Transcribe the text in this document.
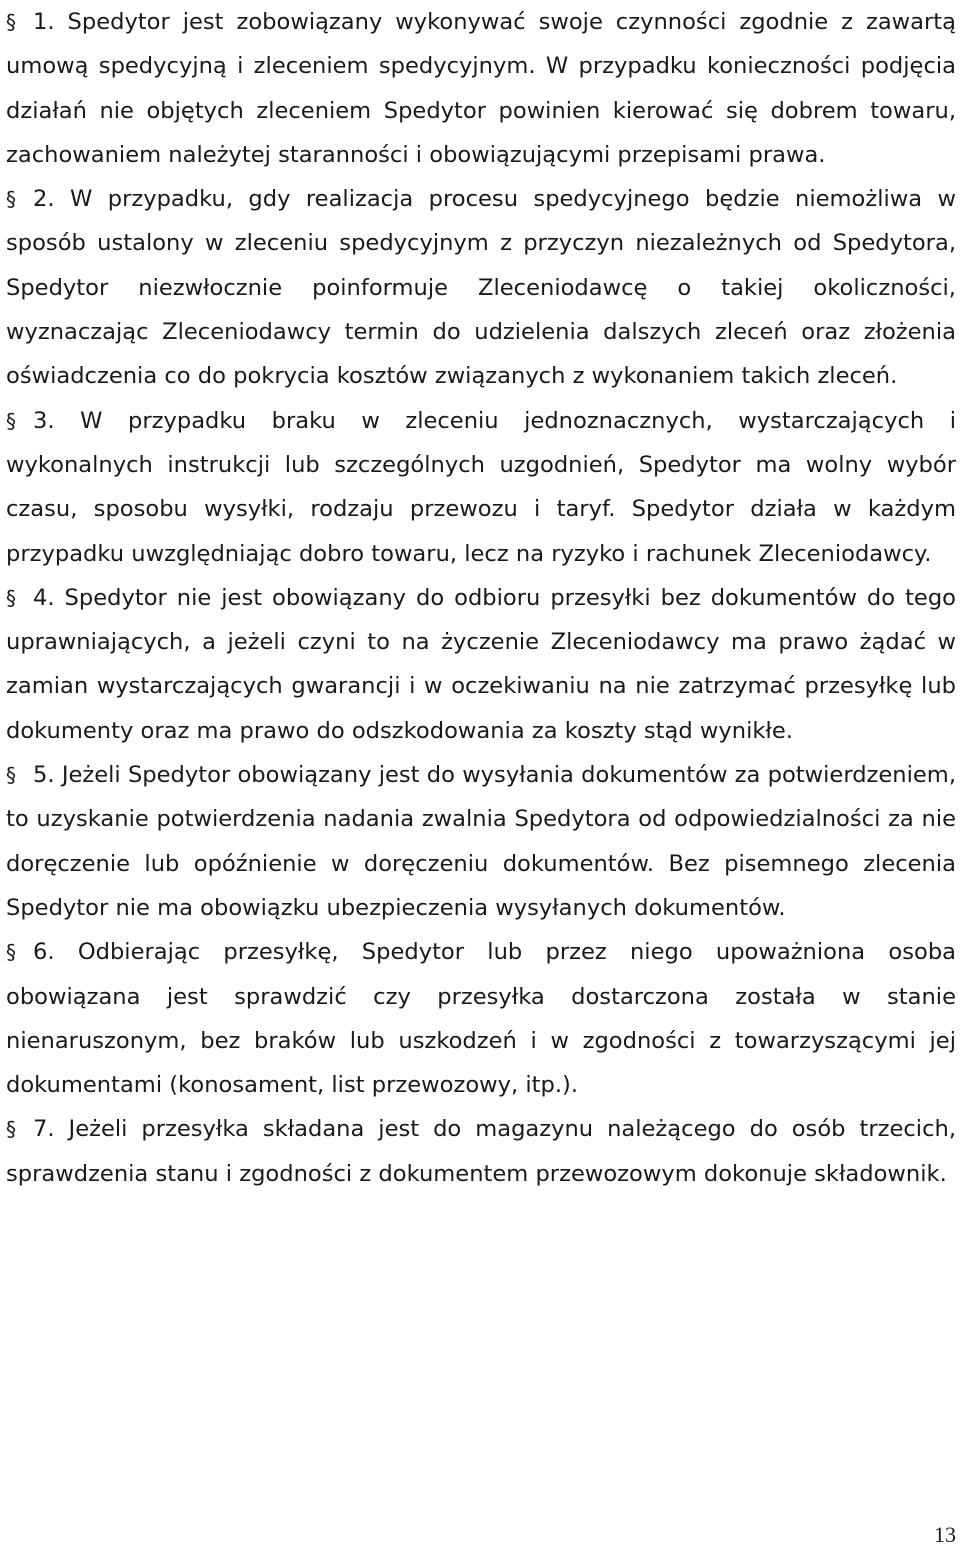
§ 1. Spedytor jest zobowiązany wykonywać swoje czynności zgodnie z zawartą umową spedycyjną i zleceniem spedycyjnym. W przypadku konieczności podjęcia działań nie objętych zleceniem Spedytor powinien kierować się dobrem towaru, zachowaniem należytej staranności i obowiązującymi przepisami prawa.

§ 2. W przypadku, gdy realizacja procesu spedycyjnego będzie niemożliwa w sposób ustalony w zleceniu spedycyjnym z przyczyn niezależnych od Spedytora, Spedytor niezwłocznie poinformuje Zleceniodawcę o takiej okoliczności, wyznaczając Zleceniodawcy termin do udzielenia dalszych zleceń oraz złożenia oświadczenia co do pokrycia kosztów związanych z wykonaniem takich zleceń.

§ 3. W przypadku braku w zleceniu jednoznacznych, wystarczających i wykonalnych instrukcji lub szczególnych uzgodnień, Spedytor ma wolny wybór czasu, sposobu wysyłki, rodzaju przewozu i taryf. Spedytor działa w każdym przypadku uwzględniając dobro towaru, lecz na ryzyko i rachunek Zleceniodawcy.

§ 4. Spedytor nie jest obowiązany do odbioru przesyłki bez dokumentów do tego uprawniających, a jeżeli czyni to na życzenie Zleceniodawcy ma prawo żądać w zamian wystarczających gwarancji i w oczekiwaniu na nie zatrzymać przesyłkę lub dokumenty oraz ma prawo do odszkodowania za koszty stąd wynikłe.

§ 5. Jeżeli Spedytor obowiązany jest do wysyłania dokumentów za potwierdzeniem, to uzyskanie potwierdzenia nadania zwalnia Spedytora od odpowiedzialności za nie doręczenie lub opóźnienie w doręczeniu dokumentów. Bez pisemnego zlecenia Spedytor nie ma obowiązku ubezpieczenia wysyłanych dokumentów.

§ 6. Odbierając przesyłkę, Spedytor lub przez niego upoważniona osoba obowiązana jest sprawdzić czy przesyłka dostarczona została w stanie nienaruszonym, bez braków lub uszkodzeń i w zgodności z towarzyszącymi jej dokumentami (konosament, list przewozowy, itp.).

§ 7. Jeżeli przesyłka składana jest do magazynu należącego do osób trzecich, sprawdzenia stanu i zgodności z dokumentem przewozowym dokonuje składownik.

13
